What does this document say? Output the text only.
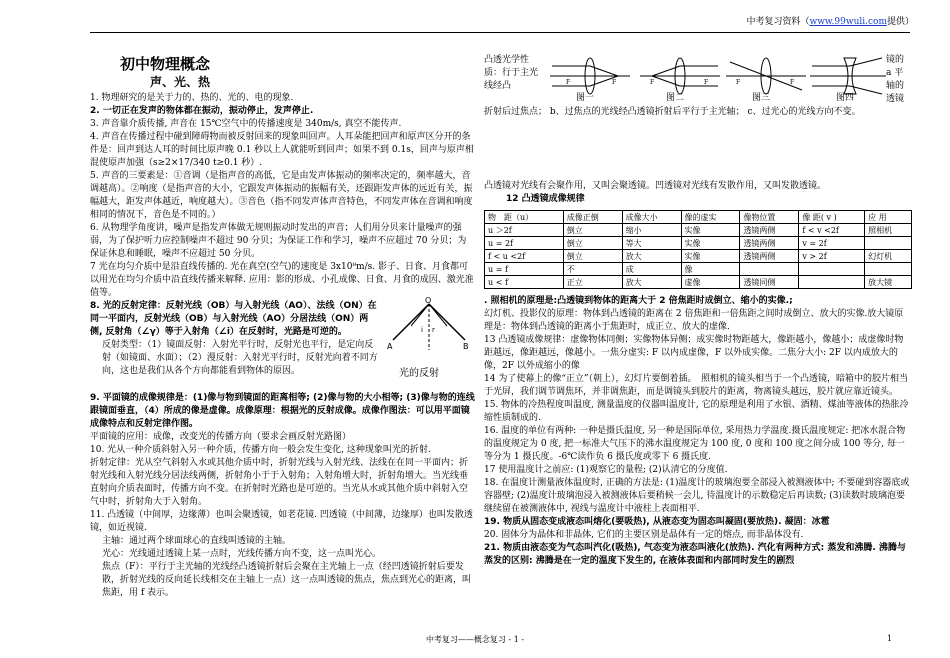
中考复习资料（www.99wuli.com提供）
初中物理概念
声、光、热

1. 物理研究的是关于力的、热的、光的、电的现象.

2. 一切正在发声的物体都在振动，振动停止，发声停止.

3. 声音靠介质传播, 声音在 15℃空气中的传播速度是 340m/s, 真空不能传声.

4. 声音在传播过程中碰到障碍物而被反射回来的现象叫回声。人耳朵能把回声和原声区分开的条件是：回声到达人耳的时间比原声晚 0.1 秒以上人就能听到回声；如果不到 0.1s，回声与原声相混使原声加强（s≥2×17/340 t≥0.1 秒）.

5. 声音的三要素是：①音调（是指声音的高低，它是由发声体振动的频率决定的，频率越大，音调越高）。②响度（是指声音的大小，它跟发声体振动的振幅有关，还跟距发声体的远近有关，振幅越大，距发声体越近，响度越大）。③音色（指不同发声体声音特色，不同发声体在音调和响度相同的情况下，音色是不同的。）

6. 从物理学角度讲，噪声是指发声体做无规则振动时发出的声音；人们用分贝来计量噪声的强弱，为了保护听力应控制噪声不超过 90 分贝；为保证工作和学习，噪声不应超过 70 分贝；为保证休息和睡眠，噪声不应超过 50 分贝。

7 光在均匀介质中是沿直线传播的. 光在真空(空气)的速度是 3x10⁸m/s. 影子、日食、月食都可以用光在均匀介质中沿直线传播来解释. 应用：影的形成、小孔成像、日食、月食的成因、激光准值等。

8. 光的反射定律：反射光线（OB）与入射光线（AO）、法线（ON）在同一平面内，反射光线（OB）与入射光线（AO）分居法线（ON）两侧, 反射角（∠γ）等于入射角（∠i）在反射时，光路是可逆的。

反射类型：（1）镜面反射：入射光平行时，反射光也平行，是定向反射（如镜面、水面）；（2）漫反射：入射光平行时，反射光向着不同方向，这也是我们从各个方向都能看到物体的原因。

O
A	B
r
i
光的反射

9. 平面镜的成像规律是：(1)像与物到镜面的距离相等; (2)像与物的大小相等; (3)像与物的连线跟镜面垂直，（4）所成的像是虚像。成像原理：根据光的反射成像。成像作图法：可以用平面镜成像特点和反射定律作图。

平面镜的应用：成像，改变光的传播方向（要求会画反射光路图）

10. 光从一种介质斜射入另一种介质，传播方向一般会发生变化, 这种现象叫光的折射.

折射定律：光从空气斜射入水或其他介质中时，折射光线与入射光线、法线在在同一平面内；折射光线和入射光线分居法线两侧，折射角小于于入射角；入射角增大时，折射角增大。当光线垂直射向介质表面时，传播方向不变。在折射时光路也是可逆的。当光从水或其他介质中斜射入空气中时，折射角大于入射角。

11. 凸透镜（中间厚，边缘薄）也叫会聚透镜，如老花镜. 凹透镜（中间薄，边缘厚）也叫发散透镜，如近视镜.

主轴：通过两个球面球心的直线叫透镜的主轴。

光心：光线通过透镜上某一点时，光线传播方向不变，这一点叫光心。

焦点（F）：平行于主光轴的光线经凸透镜折射后会聚在主光轴上一点（经凹透镜折射后要发散，折射光线的反向延长线相交在主轴上一点）这一点叫透镜的焦点，焦点到光心的距离，叫焦距，用 f 表示。

凸透光学性质：行于主光线经凸	F	F
图一
F	F
图二
F	F
图三	图四
镜的 a 平轴的透镜
折射后过焦点； b、过焦点的光线经凸透镜折射后平行于主光轴； c、过光心的光线方向不变。

凸透镜对光线有会聚作用，又叫会聚透镜。凹透镜对光线有发散作用，又叫发散透镜。

12 凸透镜成像规律
物　距（u）	成像正倒	成像大小	像的虚实	像物位置	像 距( v )	应 用
u ＞2f	倒立	缩小	实像	透镜两侧	f < v <2f	照相机
u = 2f	倒立	等大	实像	透镜两侧	v = 2f	
f < u <2f	倒立	放大	实像	透镜两侧	v > 2f	幻灯机
u = f	不	成	像			
u < f	正立	放大	虚像	透镜同侧		放大镜

. 照相机的原理是:凸透镜到物体的距离大于 2 倍焦距时成倒立、缩小的实像.;

幻灯机、投影仪的原理：物体到凸透镜的距离在 2 倍焦距和一倍焦距之间时成倒立、放大的实像.放大镜原理是：物体到凸透镜的距离小于焦距时，成正立、放大的虚像.

13 凸透镜成像规律：虚像物体同侧；实像物体异侧；成实像时物距越大，像距越小，像越小；成虚像时物距越远，像距越远，像越小。一焦分虚实: F 以内成虚像，F 以外成实像。二焦分大小: 2F 以内成放大的像，2F 以外成缩小的像

14 为了使幕上的像“正立”（朝上），幻灯片要倒着插。　照相机的镜头相当于一个凸透镜，暗箱中的胶片相当于光屏，我们调节调焦环，并非调焦距，而是调镜头到胶片的距离，物离镜头越远，胶片就应靠近镜头。

15. 物体的冷热程度叫温度, 测量温度的仪器叫温度计, 它的原理是利用了水银、酒精、煤油等液体的热胀冷缩性质制成的.

16. 温度的单位有两种: 一种是摄氏温度, 另一种是国际单位, 采用热力学温度.摄氏温度规定: 把冰水混合物的温度规定为 0 度, 把一标准大气压下的沸水温度规定为 100 度, 0 度和 100 度之间分成 100 等分, 每一等分为 1 摄氏度。-6℃读作负 6 摄氏度或零下 6 摄氏度.

17 使用温度计之前应: (1)观察它的量程; (2)认清它的分度值.

18. 在温度计测量液体温度时, 正确的方法是: (1)温度计的玻璃泡要全部浸入被测液体中; 不要碰到容器底或容器壁; (2)温度计玻璃泡浸入被测液体后要稍候一会儿, 待温度计的示数稳定后再读数; (3)读数时玻璃泡要继续留在被测液体中, 视线与温度计中液柱上表面相平.

19. 物质从固态变成液态叫熔化(要吸热), 从液态变为固态叫凝固(要放热). 凝固：冰雹

20. 固体分为晶体和非晶体, 它们的主要区别是晶体有一定的熔点, 而非晶体没有.

21. 物质由液态变为气态叫汽化(吸热), 气态变为液态叫液化(放热). 汽化有两种方式: 蒸发和沸腾. 沸腾与蒸发的区别: 沸腾是在一定的温度下发生的, 在液体表面和内部同时发生的剧烈

中考复习——概念复习 - 1 -	1
